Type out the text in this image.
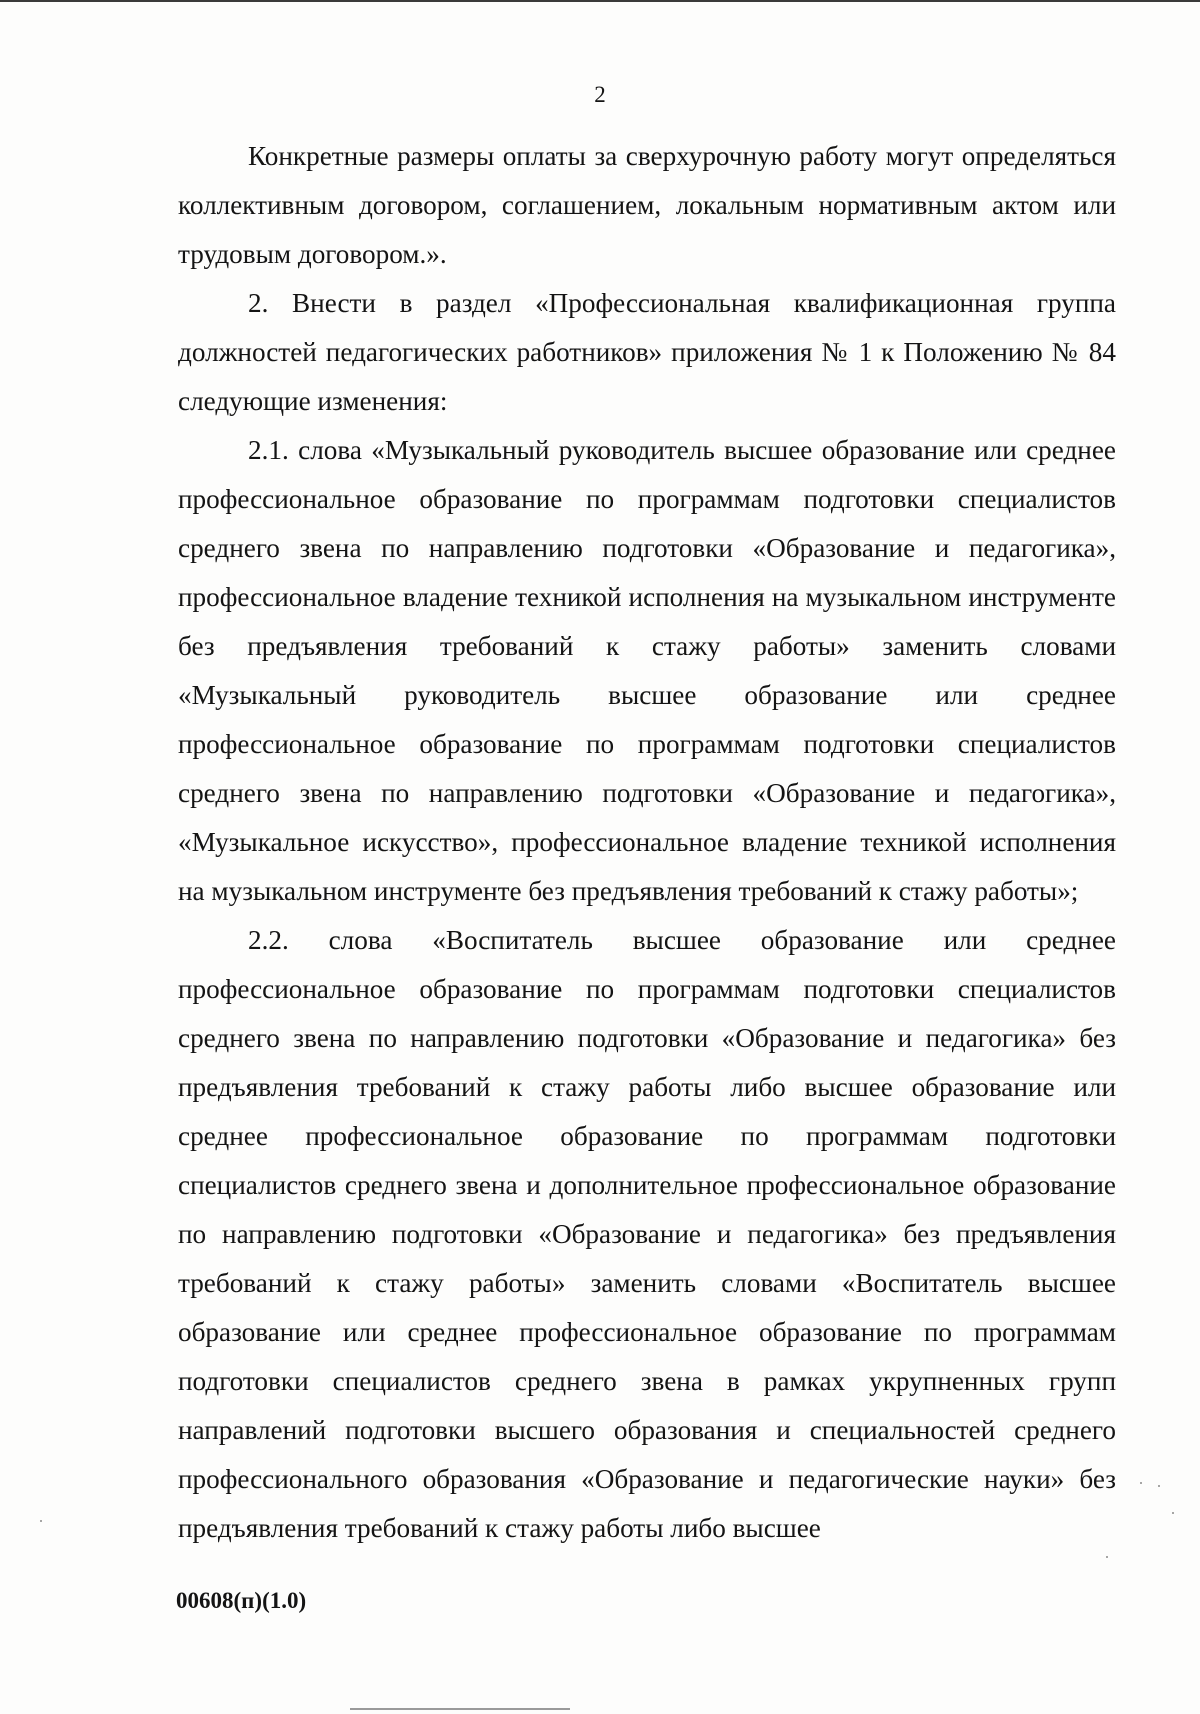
2

Конкретные размеры оплаты за сверхурочную работу могут определяться коллективным договором, соглашением, локальным нормативным актом или трудовым договором.».

2. Внести в раздел «Профессиональная квалификационная группа должностей педагогических работников» приложения № 1 к Положению № 84 следующие изменения:

2.1. слова «Музыкальный руководитель высшее образование или среднее профессиональное образование по программам подготовки специалистов среднего звена по направлению подготовки «Образование и педагогика», профессиональное владение техникой исполнения на музыкальном инструменте без предъявления требований к стажу работы» заменить словами «Музыкальный руководитель высшее образование или среднее профессиональное образование по программам подготовки специалистов среднего звена по направлению подготовки «Образование и педагогика», «Музыкальное искусство», профессиональное владение техникой исполнения на музыкальном инструменте без предъявления требований к стажу работы»;

2.2. слова «Воспитатель высшее образование или среднее профессиональное образование по программам подготовки специалистов среднего звена по направлению подготовки «Образование и педагогика» без предъявления требований к стажу работы либо высшее образование или среднее профессиональное образование по программам подготовки специалистов среднего звена и дополнительное профессиональное образование по направлению подготовки «Образование и педагогика» без предъявления требований к стажу работы» заменить словами «Воспитатель высшее образование или среднее профессиональное образование по программам подготовки специалистов среднего звена в рамках укрупненных групп направлений подготовки высшего образования и специальностей среднего профессионального образования «Образование и педагогические науки» без предъявления требований к стажу работы либо высшее

00608(п)(1.0)
